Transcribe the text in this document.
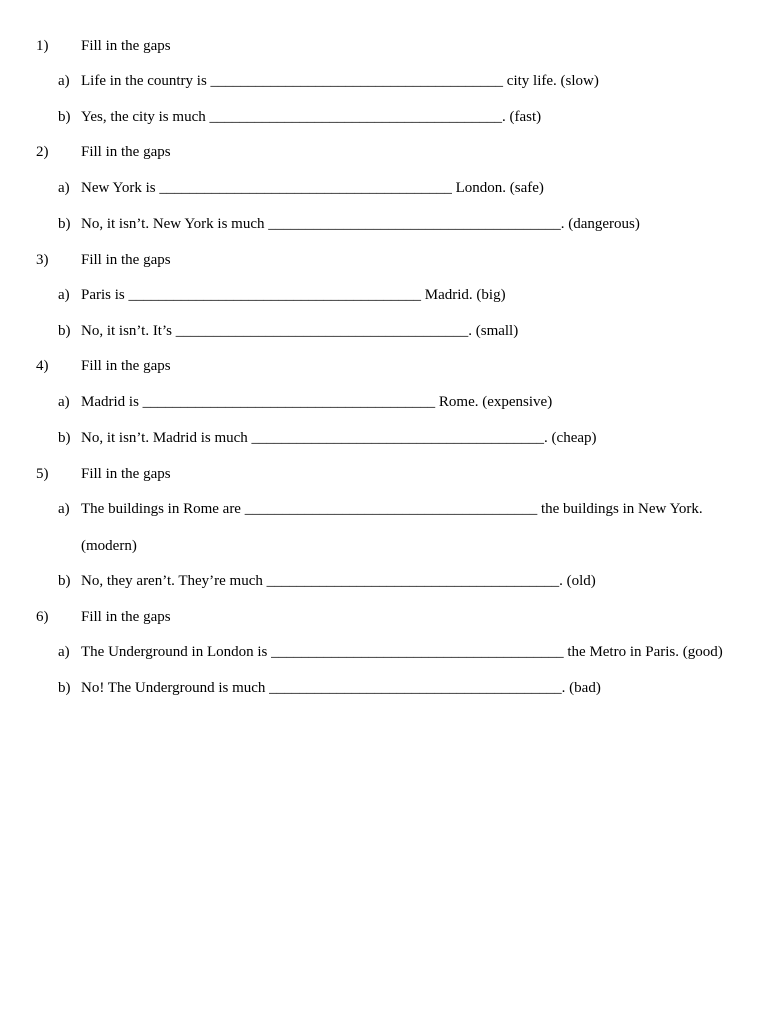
1) Fill in the gaps
a) Life in the country is _______________________________________ city life. (slow)
b) Yes, the city is much _______________________________________. (fast)
2) Fill in the gaps
a) New York is _______________________________________ London. (safe)
b) No, it isn’t. New York is much _______________________________________. (dangerous)
3) Fill in the gaps
a) Paris is _______________________________________ Madrid. (big)
b) No, it isn’t. It’s _______________________________________. (small)
4) Fill in the gaps
a) Madrid is _______________________________________ Rome. (expensive)
b) No, it isn’t. Madrid is much _______________________________________. (cheap)
5) Fill in the gaps
a) The buildings in Rome are _______________________________________ the buildings in New York.
(modern)
b) No, they aren’t. They’re much _______________________________________. (old)
6) Fill in the gaps
a) The Underground in London is _______________________________________ the Metro in Paris. (good)
b) No! The Underground is much _______________________________________. (bad)
